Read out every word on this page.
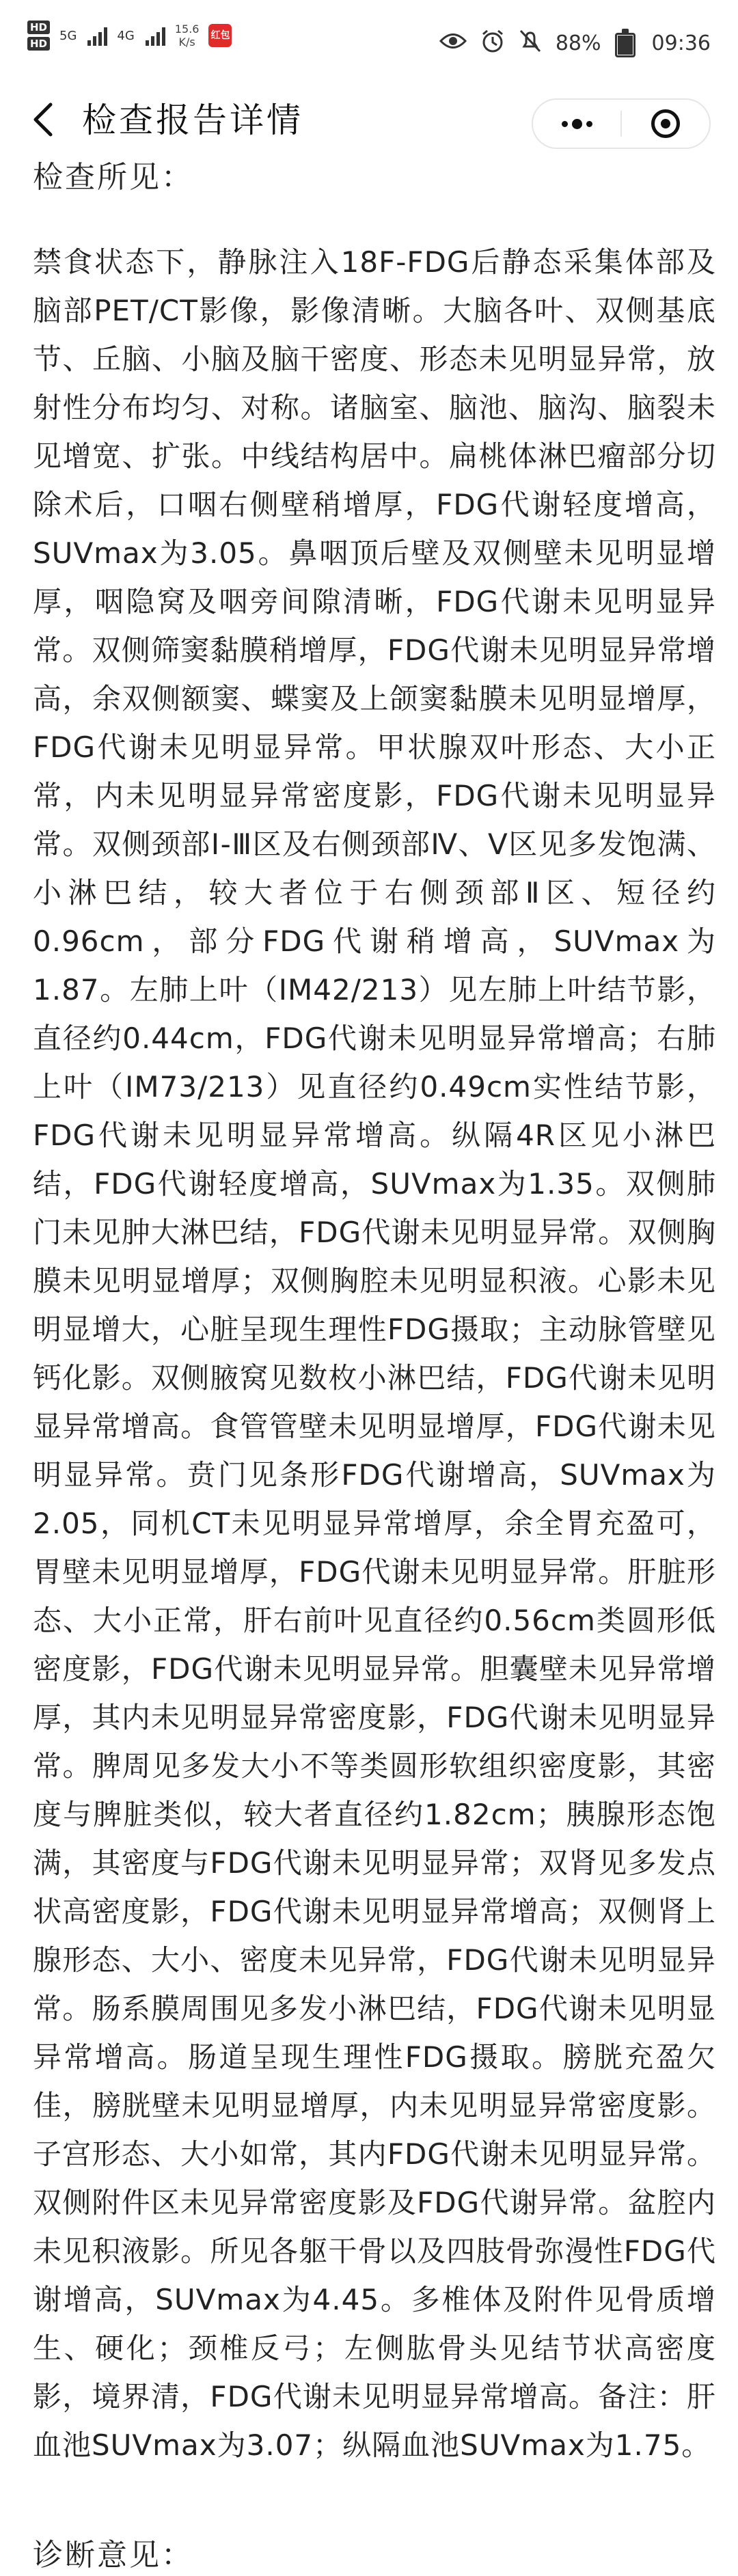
HD
HD
5G	4G	15.6
K/s	红包	88% 09:36
检查报告详情

检查所见：

禁食状态下，静脉注入18F-FDG后静态采集体部及脑部PET/CT影像，影像清晰。大脑各叶、双侧基底节、丘脑、小脑及脑干密度、形态未见明显异常，放射性分布均匀、对称。诸脑室、脑池、脑沟、脑裂未见增宽、扩张。中线结构居中。扁桃体淋巴瘤部分切除术后，口咽右侧壁稍增厚，FDG代谢轻度增高，SUVmax为3.05。鼻咽顶后壁及双侧壁未见明显增厚，咽隐窝及咽旁间隙清晰，FDG代谢未见明显异常。双侧筛窦黏膜稍增厚，FDG代谢未见明显异常增高，余双侧额窦、蝶窦及上颌窦黏膜未见明显增厚，FDG代谢未见明显异常。甲状腺双叶形态、大小正常，内未见明显异常密度影，FDG代谢未见明显异常。双侧颈部Ⅰ-Ⅲ区及右侧颈部Ⅳ、Ⅴ区见多发饱满、小淋巴结，较大者位于右侧颈部Ⅱ区、短径约0.96cm，部分FDG代谢稍增高，SUVmax为1.87。左肺上叶（IM42/213）见左肺上叶结节影，直径约0.44cm，FDG代谢未见明显异常增高；右肺上叶（IM73/213）见直径约0.49cm实性结节影，FDG代谢未见明显异常增高。纵隔4R区见小淋巴结，FDG代谢轻度增高，SUVmax为1.35。双侧肺门未见肿大淋巴结，FDG代谢未见明显异常。双侧胸膜未见明显增厚；双侧胸腔未见明显积液。心影未见明显增大，心脏呈现生理性FDG摄取；主动脉管壁见钙化影。双侧腋窝见数枚小淋巴结，FDG代谢未见明显异常增高。食管管壁未见明显增厚，FDG代谢未见明显异常。贲门见条形FDG代谢增高，SUVmax为2.05，同机CT未见明显异常增厚，余全胃充盈可，胃壁未见明显增厚，FDG代谢未见明显异常。肝脏形态、大小正常，肝右前叶见直径约0.56cm类圆形低密度影，FDG代谢未见明显异常。胆囊壁未见异常增厚，其内未见明显异常密度影，FDG代谢未见明显异常。脾周见多发大小不等类圆形软组织密度影，其密度与脾脏类似，较大者直径约1.82cm；胰腺形态饱满，其密度与FDG代谢未见明显异常；双肾见多发点状高密度影，FDG代谢未见明显异常增高；双侧肾上腺形态、大小、密度未见异常，FDG代谢未见明显异常。肠系膜周围见多发小淋巴结，FDG代谢未见明显异常增高。肠道呈现生理性FDG摄取。膀胱充盈欠佳，膀胱壁未见明显增厚，内未见明显异常密度影。子宫形态、大小如常，其内FDG代谢未见明显异常。双侧附件区未见异常密度影及FDG代谢异常。盆腔内未见积液影。所见各躯干骨以及四肢骨弥漫性FDG代谢增高，SUVmax为4.45。多椎体及附件见骨质增生、硬化；颈椎反弓；左侧肱骨头见结节状高密度影，境界清，FDG代谢未见明显异常增高。备注：肝血池SUVmax为3.07；纵隔血池SUVmax为1.75。

诊断意见：
